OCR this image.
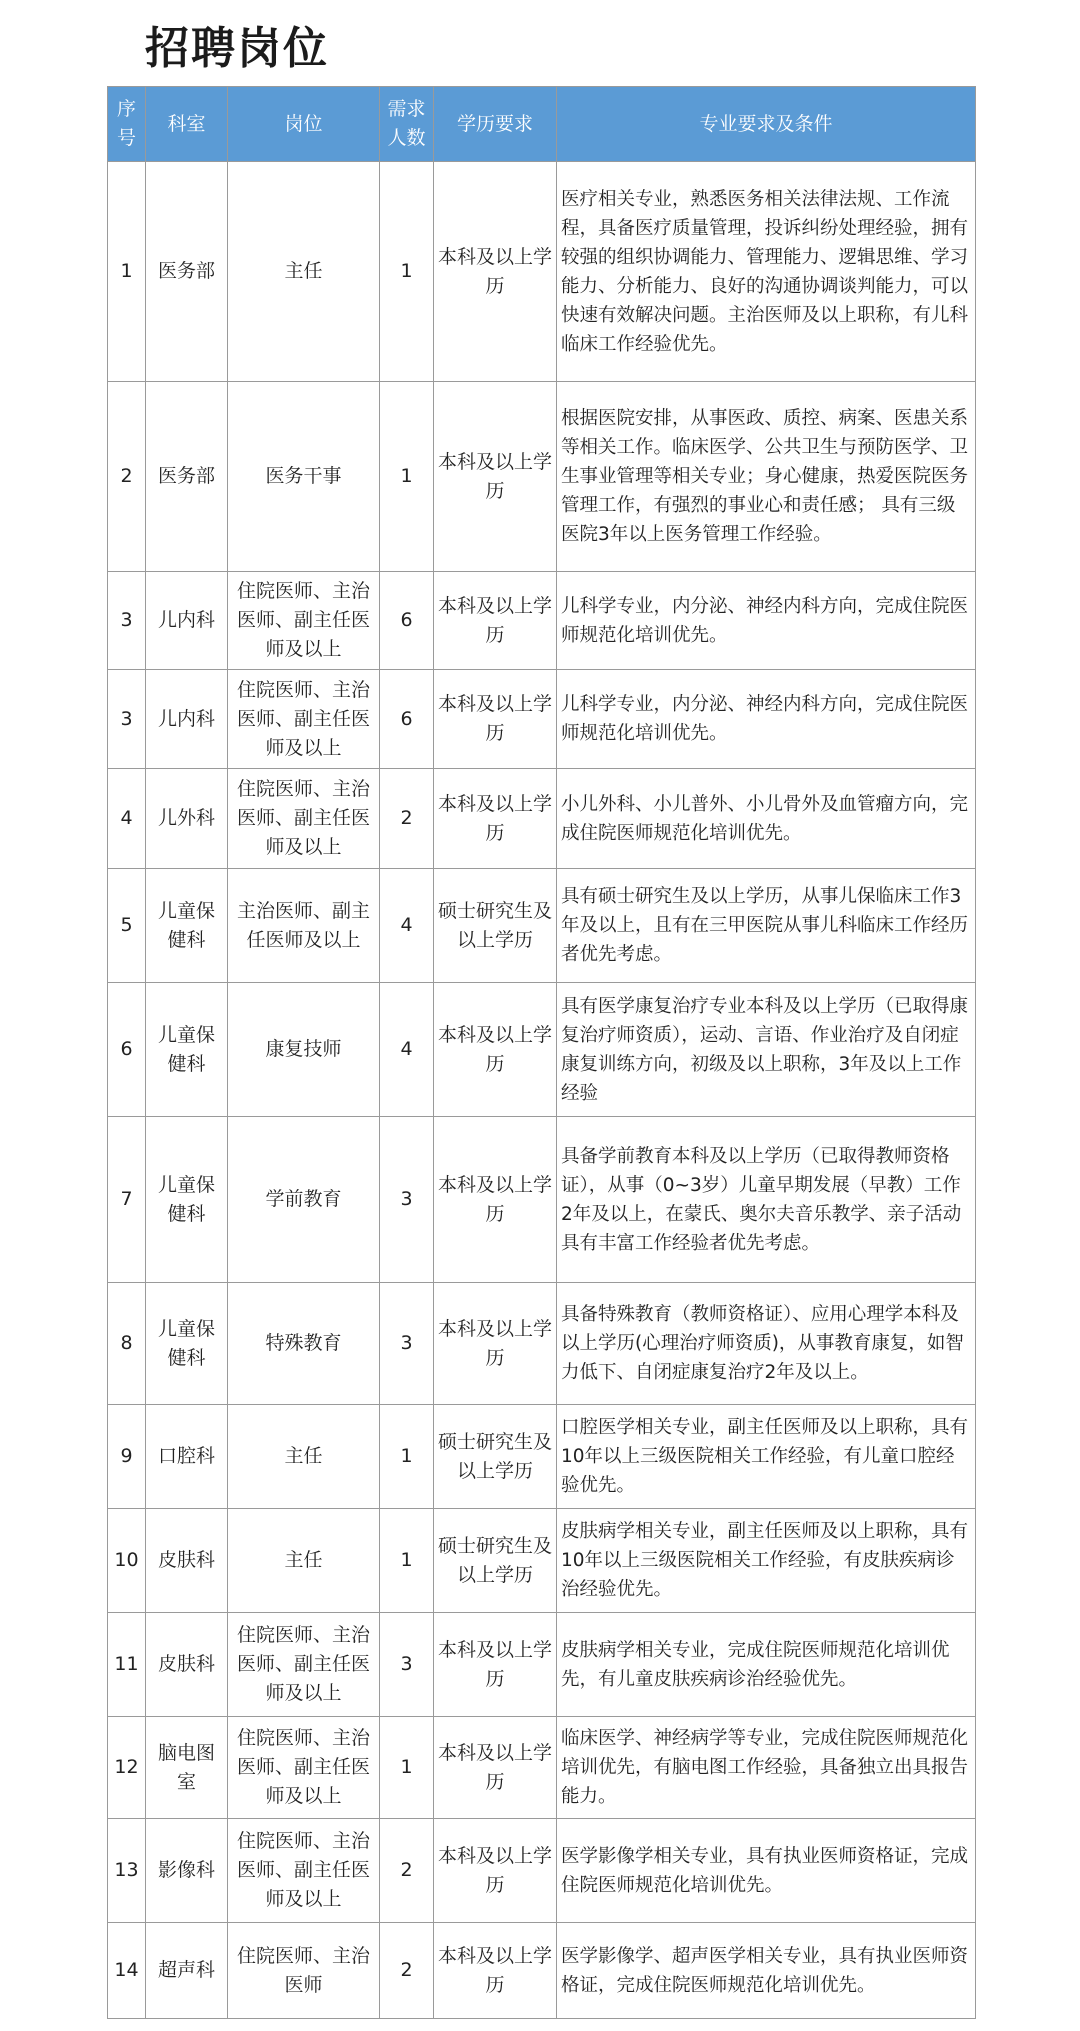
招聘岗位
序号	科室	岗位	需求人数	学历要求	专业要求及条件
1	医务部	主任	1	本科及以上学历	医疗相关专业，熟悉医务相关法律法规、工作流程，具备医疗质量管理，投诉纠纷处理经验，拥有较强的组织协调能力、管理能力、逻辑思维、学习能力、分析能力、良好的沟通协调谈判能力，可以快速有效解决问题。主治医师及以上职称，有儿科临床工作经验优先。
2	医务部	医务干事	1	本科及以上学历	根据医院安排，从事医政、质控、病案、医患关系等相关工作。临床医学、公共卫生与预防医学、卫生事业管理等相关专业；身心健康，热爱医院医务管理工作，有强烈的事业心和责任感； 具有三级医院3年以上医务管理工作经验。
3	儿内科	住院医师、主治医师、副主任医师及以上	6	本科及以上学历	儿科学专业，内分泌、神经内科方向，完成住院医师规范化培训优先。
3	儿内科	住院医师、主治医师、副主任医师及以上	6	本科及以上学历	儿科学专业，内分泌、神经内科方向，完成住院医师规范化培训优先。
4	儿外科	住院医师、主治医师、副主任医师及以上	2	本科及以上学历	小儿外科、小儿普外、小儿骨外及血管瘤方向，完成住院医师规范化培训优先。
5	儿童保健科	主治医师、副主任医师及以上	4	硕士研究生及以上学历	具有硕士研究生及以上学历，从事儿保临床工作3年及以上，且有在三甲医院从事儿科临床工作经历者优先考虑。
6	儿童保健科	康复技师	4	本科及以上学历	具有医学康复治疗专业本科及以上学历（已取得康复治疗师资质），运动、言语、作业治疗及自闭症康复训练方向，初级及以上职称，3年及以上工作经验
7	儿童保健科	学前教育	3	本科及以上学历	具备学前教育本科及以上学历（已取得教师资格证），从事（0~3岁）儿童早期发展（早教）工作2年及以上，在蒙氏、奥尔夫音乐教学、亲子活动具有丰富工作经验者优先考虑。
8	儿童保健科	特殊教育	3	本科及以上学历	具备特殊教育（教师资格证）、应用心理学本科及以上学历(心理治疗师资质)，从事教育康复，如智力低下、自闭症康复治疗2年及以上。
9	口腔科	主任	1	硕士研究生及以上学历	口腔医学相关专业，副主任医师及以上职称，具有10年以上三级医院相关工作经验，有儿童口腔经验优先。
10	皮肤科	主任	1	硕士研究生及以上学历	皮肤病学相关专业，副主任医师及以上职称，具有10年以上三级医院相关工作经验，有皮肤疾病诊治经验优先。
11	皮肤科	住院医师、主治医师、副主任医师及以上	3	本科及以上学历	皮肤病学相关专业，完成住院医师规范化培训优先，有儿童皮肤疾病诊治经验优先。
12	脑电图室	住院医师、主治医师、副主任医师及以上	1	本科及以上学历	临床医学、神经病学等专业，完成住院医师规范化培训优先，有脑电图工作经验，具备独立出具报告能力。
13	影像科	住院医师、主治医师、副主任医师及以上	2	本科及以上学历	医学影像学相关专业，具有执业医师资格证，完成住院医师规范化培训优先。
14	超声科	住院医师、主治医师	2	本科及以上学历	医学影像学、超声医学相关专业，具有执业医师资格证，完成住院医师规范化培训优先。
